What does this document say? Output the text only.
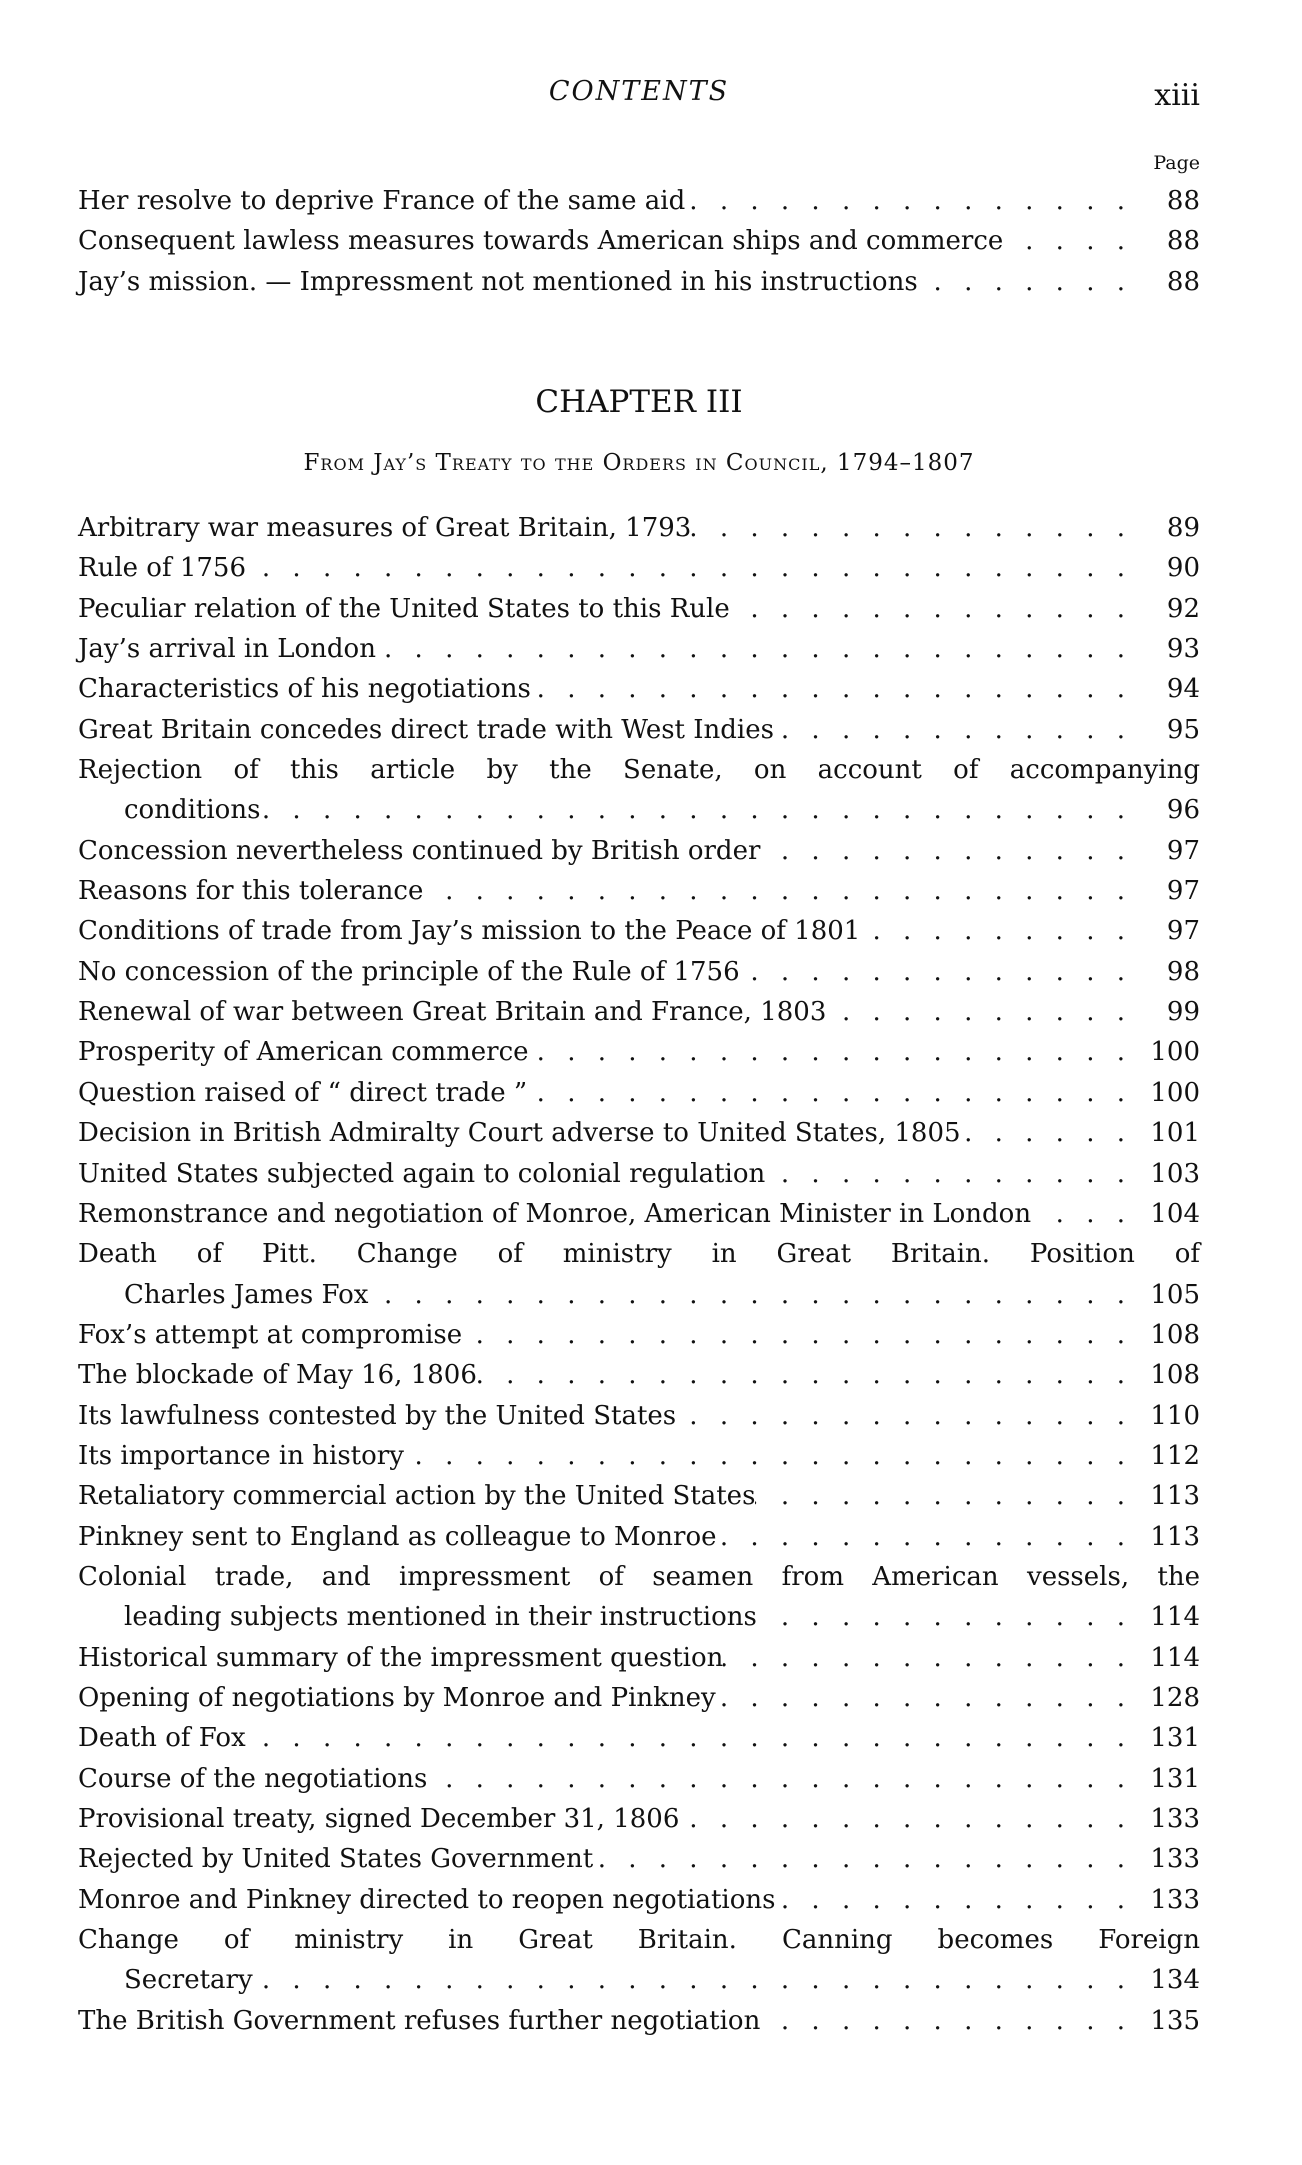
CONTENTS	xiii
Page
Her resolve to deprive France of the same aid . . .	88
Consequent lawless measures towards American ships and commerce . . .	88
Jay’s mission. — Impressment not mentioned in his instructions . . .	88
CHAPTER III
From Jay’s Treaty to the Orders in Council, 1794–1807
Arbitrary war measures of Great Britain, 1793 . . .	89
Rule of 1756 . . .	90
Peculiar relation of the United States to this Rule . . .	92
Jay’s arrival in London . . .	93
Characteristics of his negotiations . . .	94
Great Britain concedes direct trade with West Indies . . .	95
Rejection of this article by the Senate, on account of accompanying
conditions . . .	96
Concession nevertheless continued by British order . . .	97
Reasons for this tolerance . . .	97
Conditions of trade from Jay’s mission to the Peace of 1801 . . .	97
No concession of the principle of the Rule of 1756 . . .	98
Renewal of war between Great Britain and France, 1803 . . .	99
Prosperity of American commerce . . .	100
Question raised of “ direct trade ” . . .	100
Decision in British Admiralty Court adverse to United States, 1805 . . .	101
United States subjected again to colonial regulation . . .	103
Remonstrance and negotiation of Monroe, American Minister in London . . .	104
Death of Pitt. Change of ministry in Great Britain. Position of
Charles James Fox . . .	105
Fox’s attempt at compromise . . .	108
The blockade of May 16, 1806 . . .	108
Its lawfulness contested by the United States . . .	110
Its importance in history . . .	112
Retaliatory commercial action by the United States . . .	113
Pinkney sent to England as colleague to Monroe . . .	113
Colonial trade, and impressment of seamen from American vessels, the
leading subjects mentioned in their instructions . . .	114
Historical summary of the impressment question . . .	114
Opening of negotiations by Monroe and Pinkney . . .	128
Death of Fox . . .	131
Course of the negotiations . . .	131
Provisional treaty, signed December 31, 1806 . . .	133
Rejected by United States Government . . .	133
Monroe and Pinkney directed to reopen negotiations . . .	133
Change of ministry in Great Britain. Canning becomes Foreign
Secretary . . .	134
The British Government refuses further negotiation . . .	135
